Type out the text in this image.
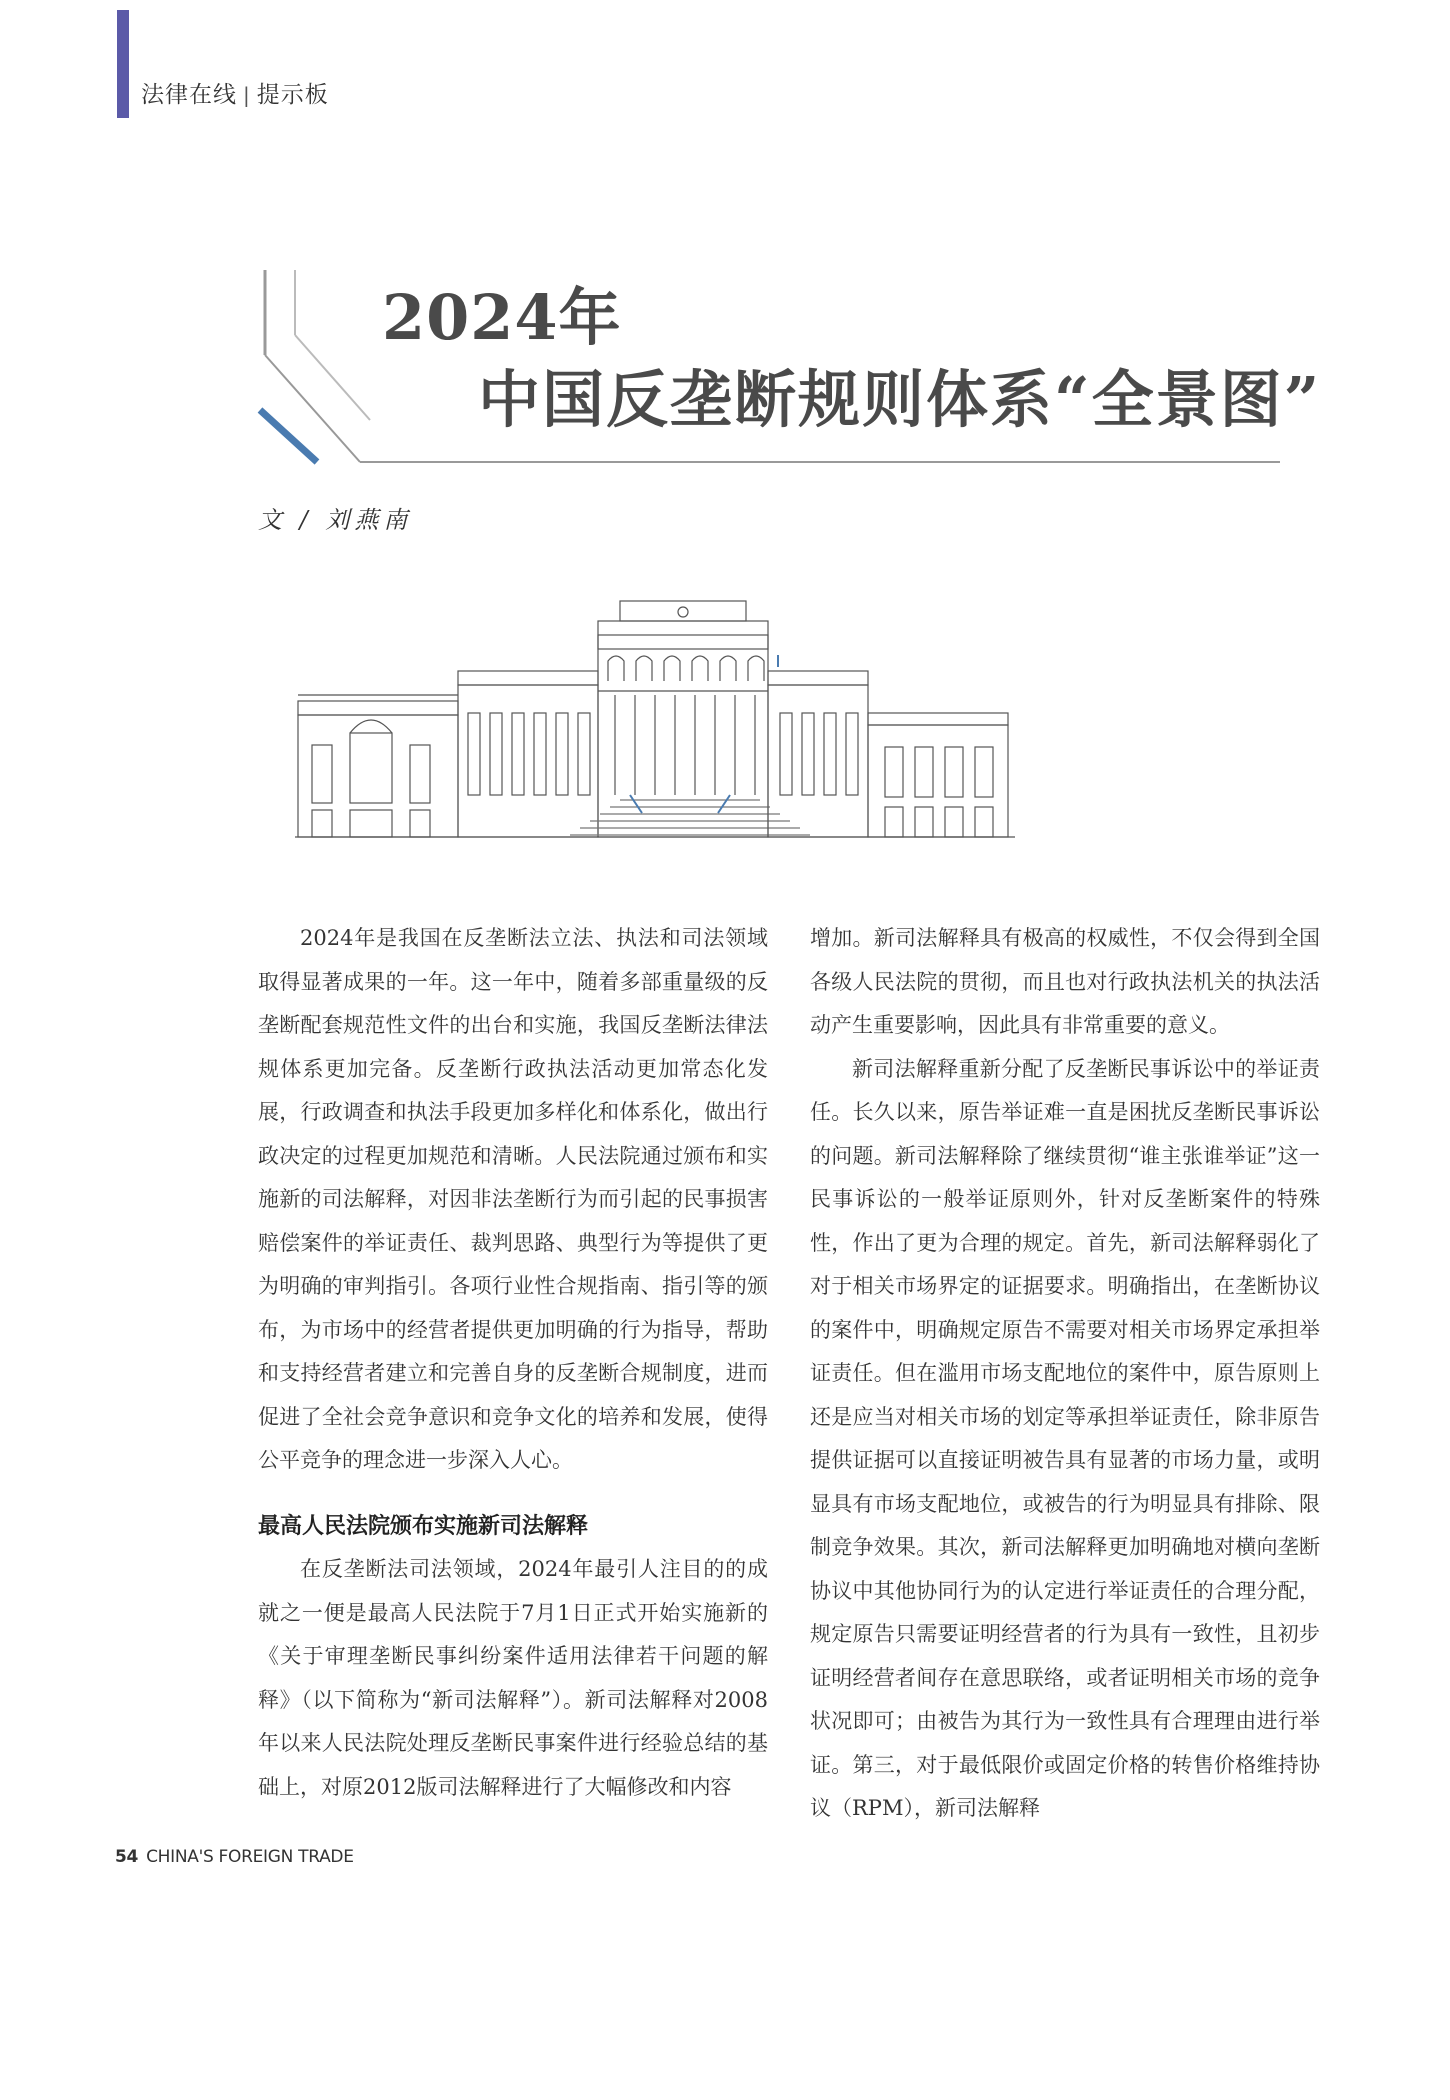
法律在线 | 提示板
2024年
中国反垄断规则体系“全景图”
文 / 刘燕南

2024年是我国在反垄断法立法、执法和司法领域取得显著成果的一年。这一年中，随着多部重量级的反垄断配套规范性文件的出台和实施，我国反垄断法律法规体系更加完备。反垄断行政执法活动更加常态化发展，行政调查和执法手段更加多样化和体系化，做出行政决定的过程更加规范和清晰。人民法院通过颁布和实施新的司法解释，对因非法垄断行为而引起的民事损害赔偿案件的举证责任、裁判思路、典型行为等提供了更为明确的审判指引。各项行业性合规指南、指引等的颁布，为市场中的经营者提供更加明确的行为指导，帮助和支持经营者建立和完善自身的反垄断合规制度，进而促进了全社会竞争意识和竞争文化的培养和发展，使得公平竞争的理念进一步深入人心。

最高人民法院颁布实施新司法解释

在反垄断法司法领域，2024年最引人注目的的成就之一便是最高人民法院于7月1日正式开始实施新的《关于审理垄断民事纠纷案件适用法律若干问题的解释》（以下简称为“新司法解释”）。新司法解释对2008年以来人民法院处理反垄断民事案件进行经验总结的基础上，对原2012版司法解释进行了大幅修改和内容

增加。新司法解释具有极高的权威性，不仅会得到全国各级人民法院的贯彻，而且也对行政执法机关的执法活动产生重要影响，因此具有非常重要的意义。

新司法解释重新分配了反垄断民事诉讼中的举证责任。长久以来，原告举证难一直是困扰反垄断民事诉讼的问题。新司法解释除了继续贯彻“谁主张谁举证”这一民事诉讼的一般举证原则外，针对反垄断案件的特殊性，作出了更为合理的规定。首先，新司法解释弱化了对于相关市场界定的证据要求。明确指出，在垄断协议的案件中，明确规定原告不需要对相关市场界定承担举证责任。但在滥用市场支配地位的案件中，原告原则上还是应当对相关市场的划定等承担举证责任，除非原告提供证据可以直接证明被告具有显著的市场力量，或明显具有市场支配地位，或被告的行为明显具有排除、限制竞争效果。其次，新司法解释更加明确地对横向垄断协议中其他协同行为的认定进行举证责任的合理分配，规定原告只需要证明经营者的行为具有一致性，且初步证明经营者间存在意思联络，或者证明相关市场的竞争状况即可；由被告为其行为一致性具有合理理由进行举证。第三，对于最低限价或固定价格的转售价格维持协议（RPM），新司法解释

54 CHINA'S FOREIGN TRADE
